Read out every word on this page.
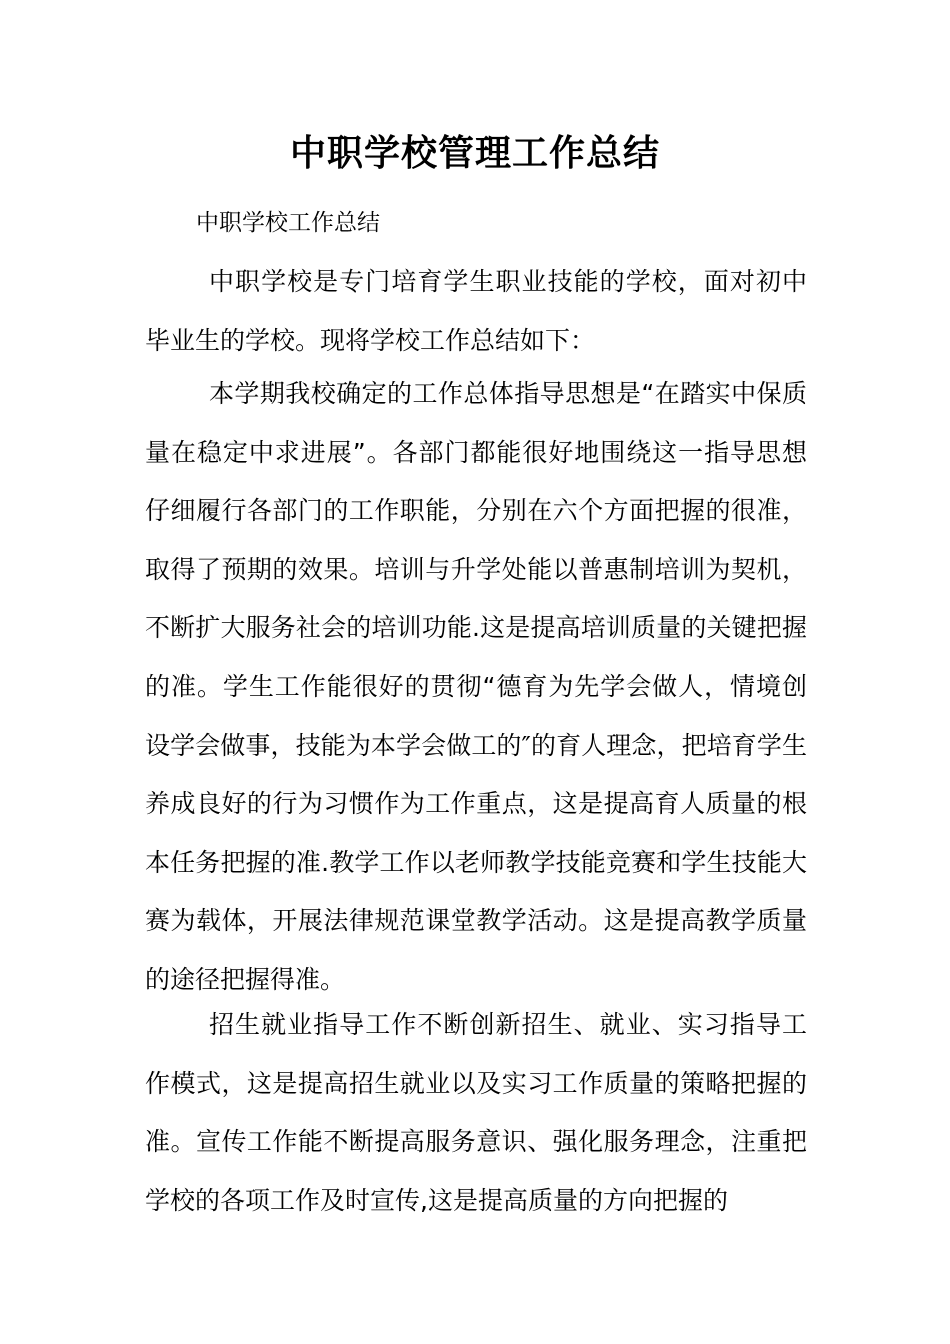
中职学校管理工作总结

中职学校工作总结

中职学校是专门培育学生职业技能的学校，面对初中毕业生的学校。现将学校工作总结如下：

本学期我校确定的工作总体指导思想是“在踏实中保质量在稳定中求进展”。各部门都能很好地围绕这一指导思想仔细履行各部门的工作职能，分别在六个方面把握的很准，取得了预期的效果。培训与升学处能以普惠制培训为契机，不断扩大服务社会的培训功能.这是提高培训质量的关键把握的准。学生工作能很好的贯彻“德育为先学会做人，情境创设学会做事，技能为本学会做工的″的育人理念，把培育学生养成良好的行为习惯作为工作重点，这是提高育人质量的根本任务把握的准.教学工作以老师教学技能竞赛和学生技能大赛为载体，开展法律规范课堂教学活动。这是提高教学质量的途径把握得准。

招生就业指导工作不断创新招生、就业、实习指导工作模式，这是提高招生就业以及实习工作质量的策略把握的准。宣传工作能不断提高服务意识、强化服务理念，注重把学校的各项工作及时宣传,这是提高质量的方向把握的
